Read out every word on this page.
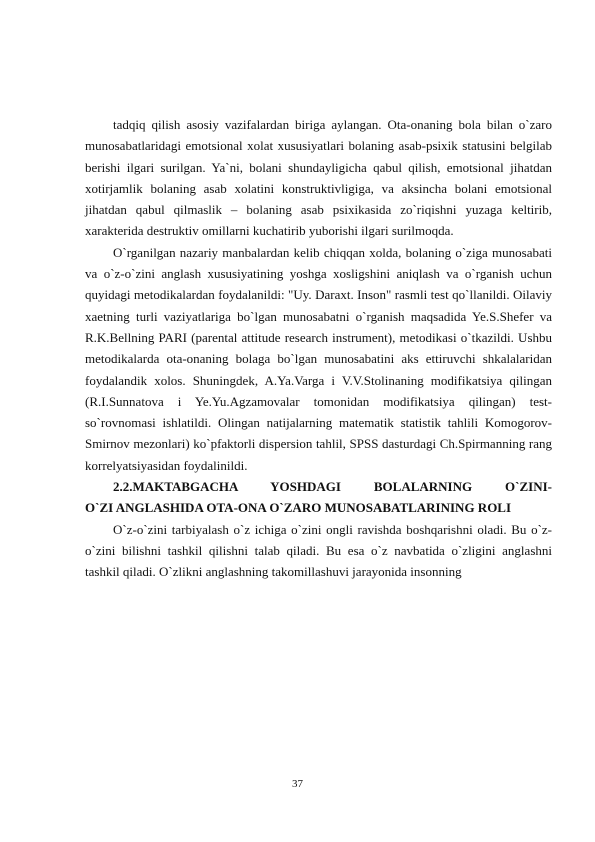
tadqiq qilish asosiy vazifalardan biriga aylangan. Ota-onaning bola bilan o`zaro munosabatlaridagi emotsional xolat xususiyatlari bolaning asab-psixik statusini belgilab berishi ilgari surilgan. Ya`ni, bolani shundayligicha qabul qilish, emotsional jihatdan xotirjamlik bolaning asab xolatini konstruktivligiga, va aksincha bolani emotsional jihatdan qabul qilmaslik – bolaning asab psixikasida zo`riqishni yuzaga keltirib, xarakterida destruktiv omillarni kuchatirib yuborishi ilgari surilmoqda.

O`rganilgan nazariy manbalardan kelib chiqqan xolda, bolaning o`ziga munosabati va o`z-o`zini anglash xususiyatining yoshga xosligshini aniqlash va o`rganish uchun quyidagi metodikalardan foydalanildi: "Uy. Daraxt. Inson" rasmli test qo`llanildi. Oilaviy xaetning turli vaziyatlariga bo`lgan munosabatni o`rganish maqsadida Ye.S.Shefer va R.K.Bellning PARI (parental attitude research instrument), metodikasi o`tkazildi. Ushbu metodikalarda ota-onaning bolaga bo`lgan munosabatini aks ettiruvchi shkalalaridan foydalandik xolos. Shuningdek, A.Ya.Varga i V.V.Stolinaning modifikatsiya qilingan (R.I.Sunnatova i Ye.Yu.Agzamovalar tomonidan modifikatsiya qilingan) test-so`rovnomasi ishlatildi. Olingan natijalarning matematik statistik tahlili Komogorov-Smirnov mezonlari) ko`pfaktorli dispersion tahlil, SPSS dasturdagi Ch.Spirmanning rang korrelyatsiyasidan foydalinildi.

2.2.MAKTABGACHA YOSHDAGI BOLALARNING O`ZINI-
O`ZI ANGLASHIDA OTA-ONA O`ZARO MUNOSABATLARINING ROLI

O`z-o`zini tarbiyalash o`z ichiga o`zini ongli ravishda boshqarishni oladi. Bu o`z-o`zini bilishni tashkil qilishni talab qiladi. Bu esa o`z navbatida o`zligini anglashni tashkil qiladi. O`zlikni anglashning takomillashuvi jarayonida insonning

37
